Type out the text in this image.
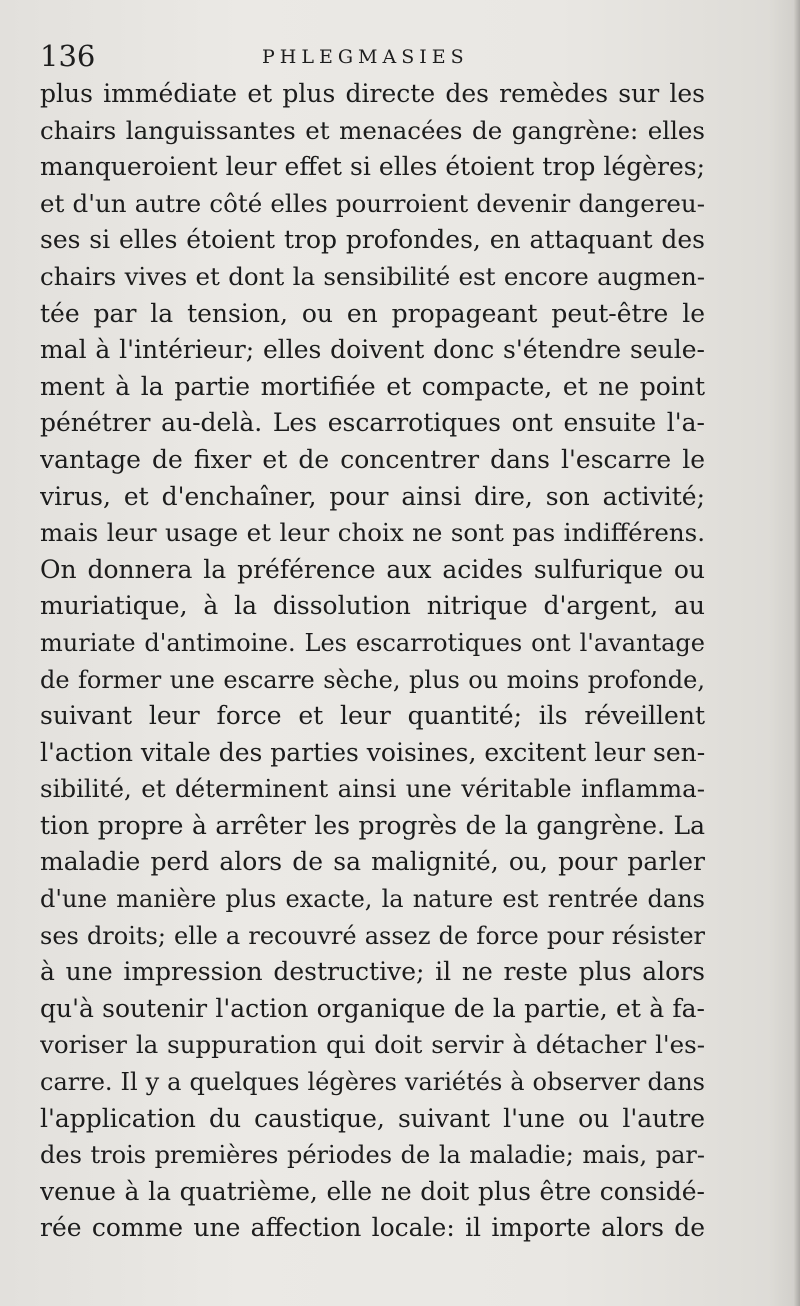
136	PHLEGMASIES
plus immédiate et plus directe des remèdes sur les
chairs languissantes et menacées de gangrène: elles
manqueroient leur effet si elles étoient trop légères;
et d'un autre côté elles pourroient devenir dangereu-
ses si elles étoient trop profondes, en attaquant des
chairs vives et dont la sensibilité est encore augmen-
tée par la tension, ou en propageant peut-être le
mal à l'intérieur; elles doivent donc s'étendre seule-
ment à la partie mortifiée et compacte, et ne point
pénétrer au-delà. Les escarrotiques ont ensuite l'a-
vantage de fixer et de concentrer dans l'escarre le
virus, et d'enchaîner, pour ainsi dire, son activité;
mais leur usage et leur choix ne sont pas indifférens.
On donnera la préférence aux acides sulfurique ou
muriatique, à la dissolution nitrique d'argent, au
muriate d'antimoine. Les escarrotiques ont l'avantage
de former une escarre sèche, plus ou moins profonde,
suivant leur force et leur quantité; ils réveillent
l'action vitale des parties voisines, excitent leur sen-
sibilité, et déterminent ainsi une véritable inflamma-
tion propre à arrêter les progrès de la gangrène. La
maladie perd alors de sa malignité, ou, pour parler
d'une manière plus exacte, la nature est rentrée dans
ses droits; elle a recouvré assez de force pour résister
à une impression destructive; il ne reste plus alors
qu'à soutenir l'action organique de la partie, et à fa-
voriser la suppuration qui doit servir à détacher l'es-
carre. Il y a quelques légères variétés à observer dans
l'application du caustique, suivant l'une ou l'autre
des trois premières périodes de la maladie; mais, par-
venue à la quatrième, elle ne doit plus être considé-
rée comme une affection locale: il importe alors de
